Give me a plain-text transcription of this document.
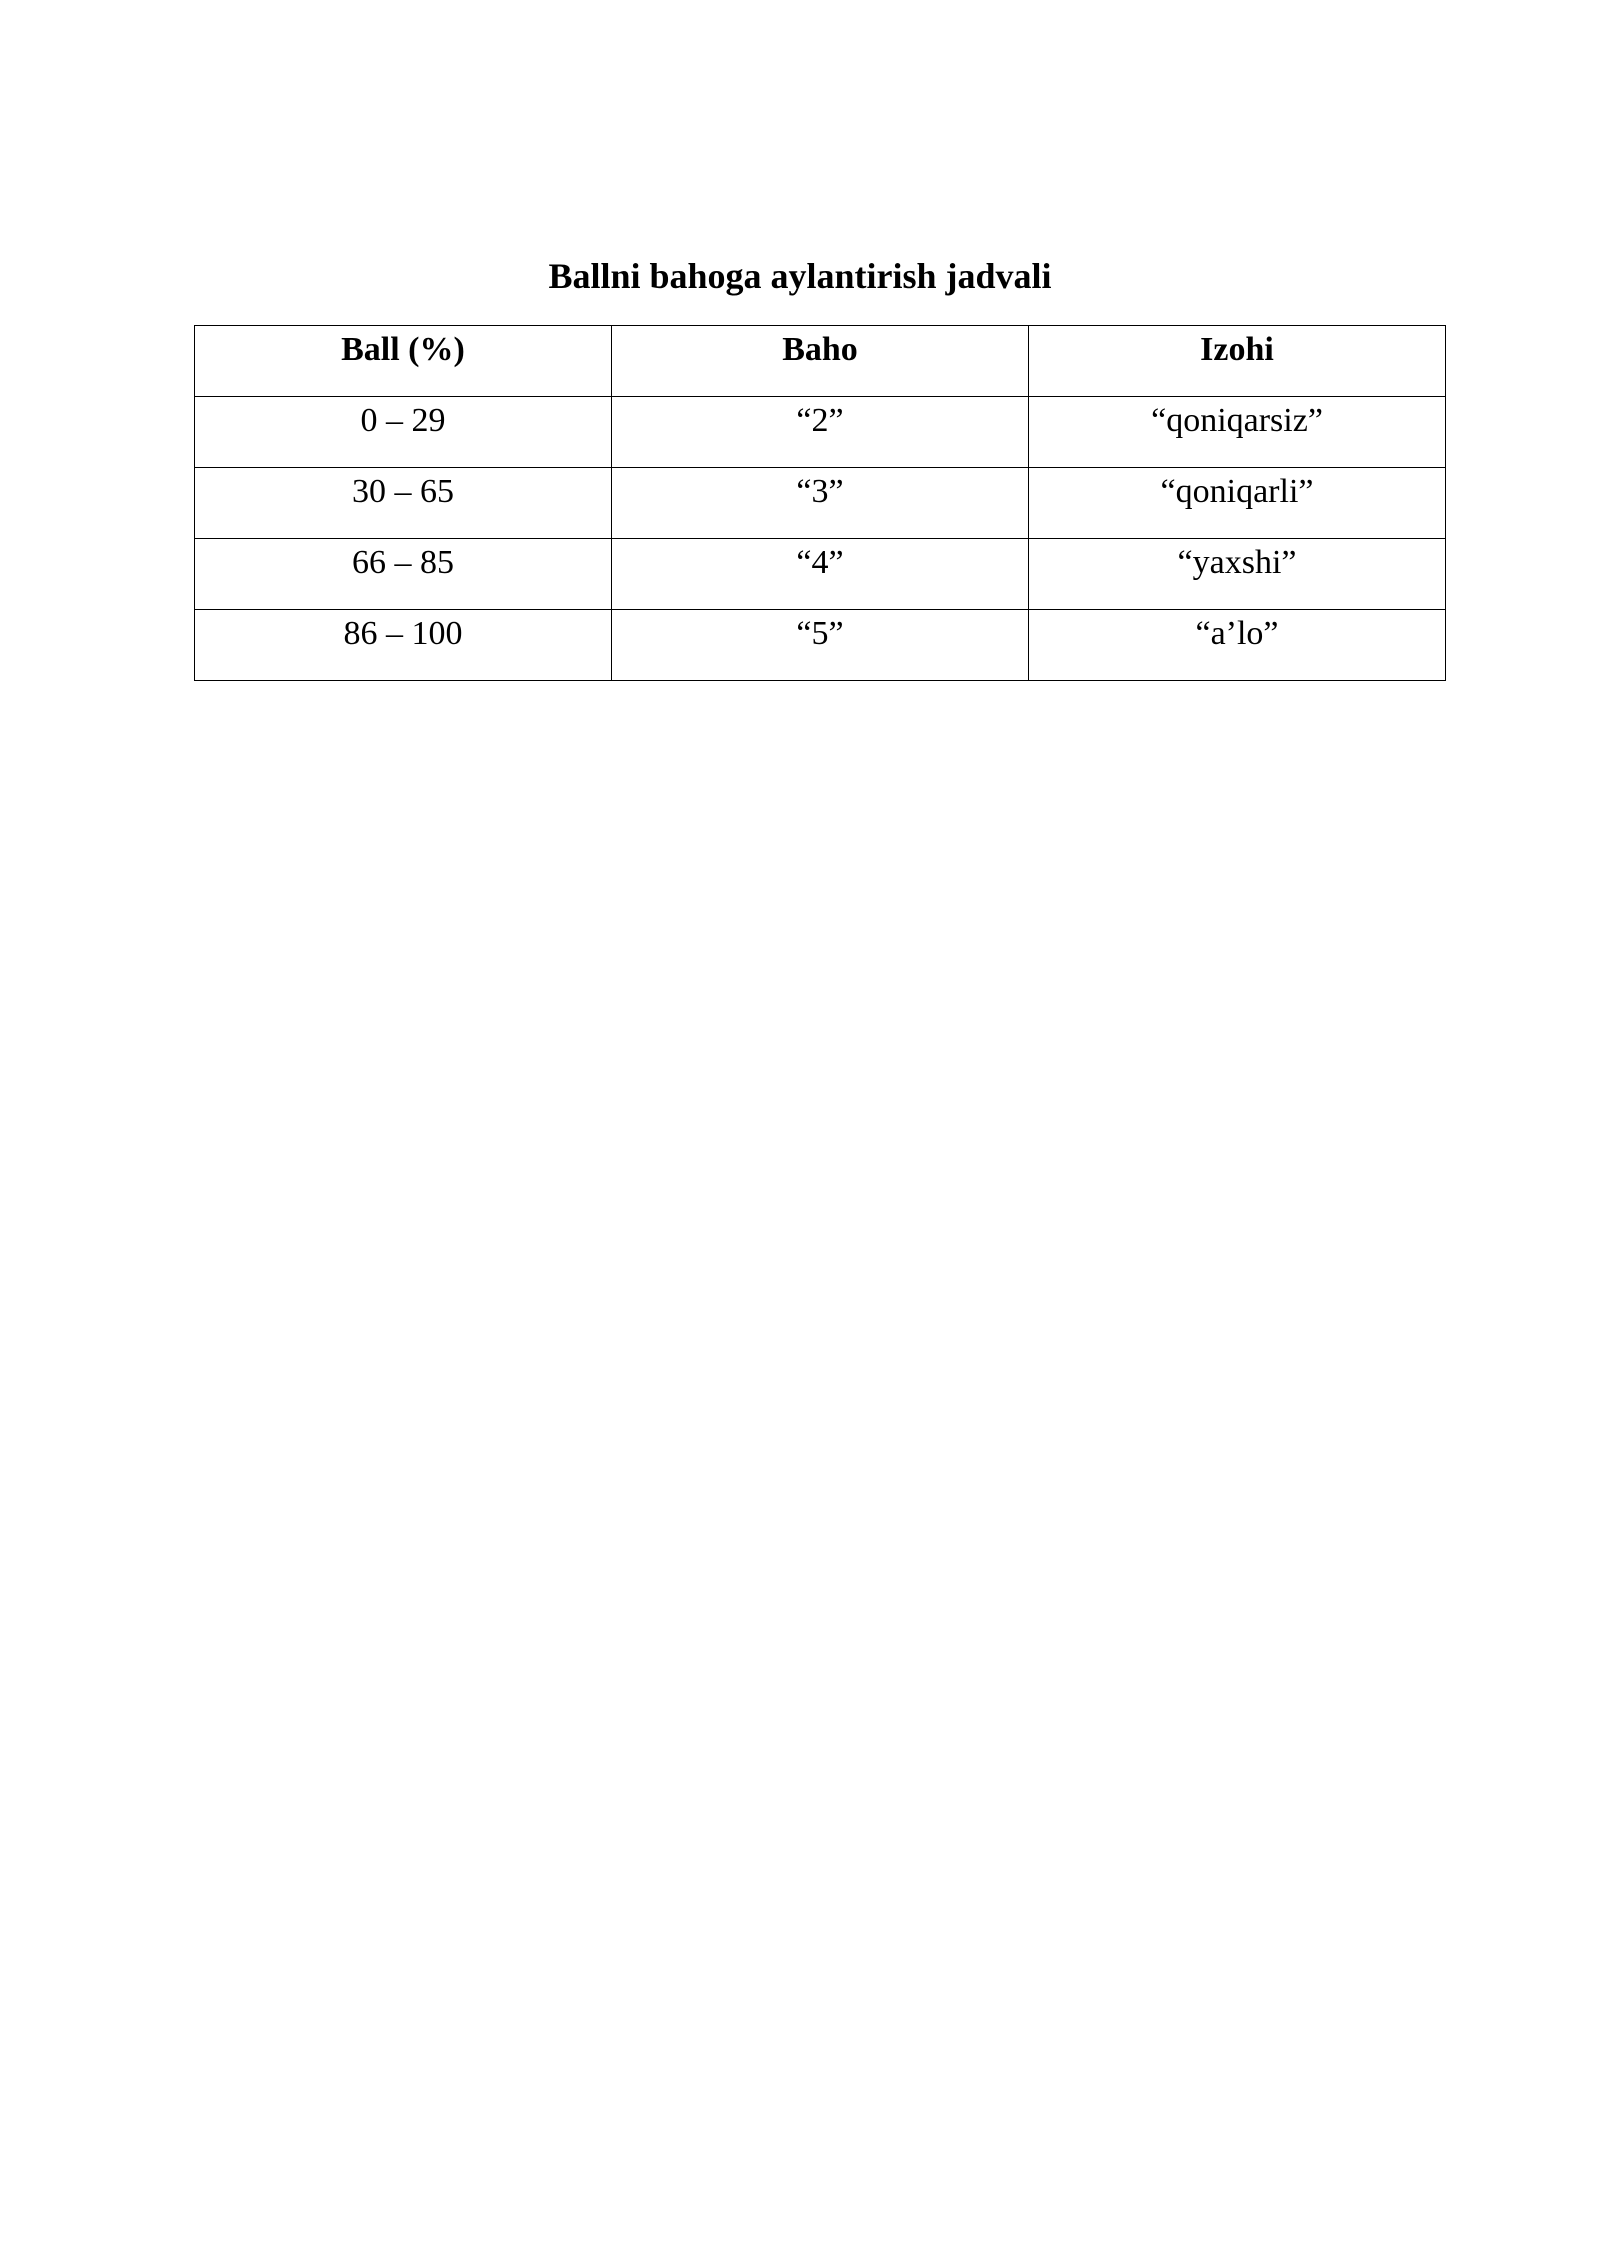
Ballni bahoga aylantirish jadvali
Ball (%)	Baho	Izohi

0 – 29	“2”	“qoniqarsiz”

30 – 65	“3”	“qoniqarli”

66 – 85	“4”	“yaxshi”

86 – 100	“5”	“a’lo”
